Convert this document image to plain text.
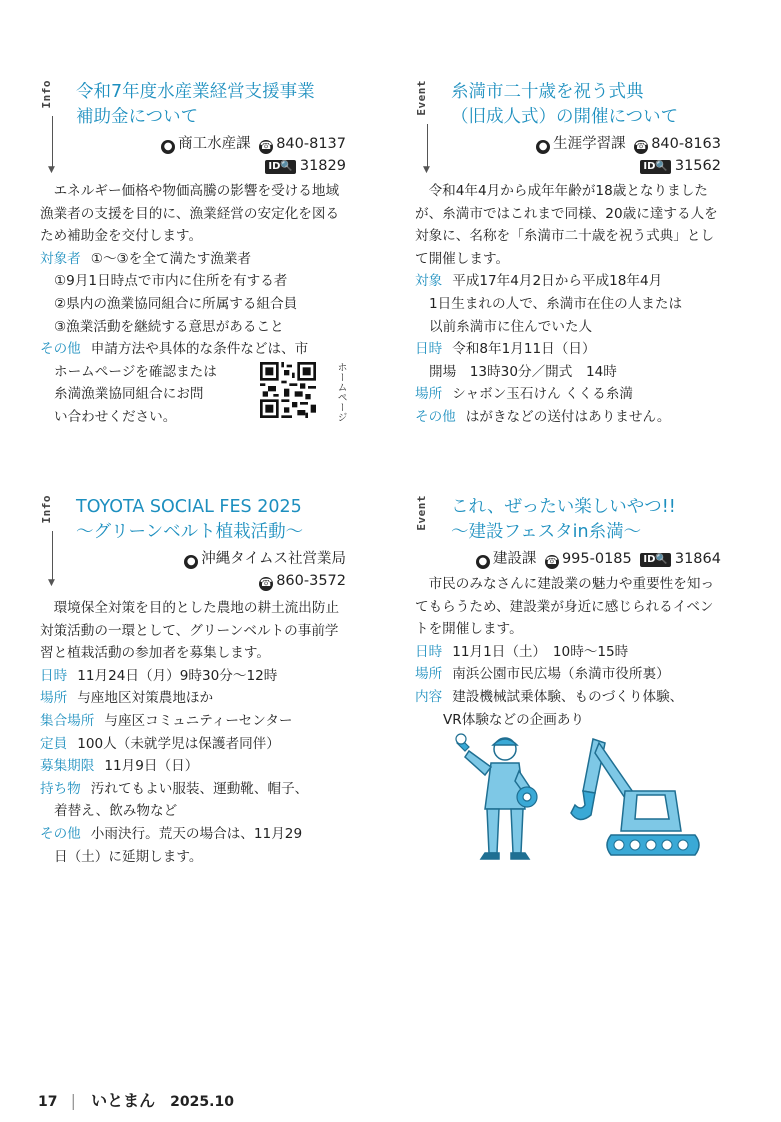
Info
▼
令和7年度水産業経営支援事業
補助金について
● 商工水産課 ☎ 840-8137
ID🔍 31829

エネルギー価格や物価高騰の影響を受ける地域漁業者の支援を目的に、漁業経営の安定化を図るため補助金を交付します。

対象者 ①～③を全て満たす漁業者
①9月1日時点で市内に住所を有する者
②県内の漁業協同組合に所属する組合員
③漁業活動を継続する意思があること
その他 申請方法や具体的な条件などは、市
ホームページを確認または
糸満漁業協同組合にお問
い合わせください。	ホームページ
Event
▼
糸満市二十歳を祝う式典
（旧成人式）の開催について
● 生涯学習課 ☎ 840-8163
ID🔍 31562

令和4年4月から成年年齢が18歳となりましたが、糸満市ではこれまで同様、20歳に達する人を対象に、名称を「糸満市二十歳を祝う式典」として開催します。

対象 平成17年4月2日から平成18年4月
1日生まれの人で、糸満市在住の人または
以前糸満市に住んでいた人
日時 令和8年1月11日（日）
開場　13時30分／開式　14時
場所 シャボン玉石けん くくる糸満
その他 はがきなどの送付はありません。
Info
▼
TOYOTA SOCIAL FES 2025
～グリーンベルト植栽活動～
● 沖縄タイムス社営業局
☎ 860-3572

環境保全対策を目的とした農地の耕土流出防止対策活動の一環として、グリーンベルトの事前学習と植栽活動の参加者を募集します。

日時 11月24日（月）9時30分～12時
場所 与座地区対策農地ほか
集合場所 与座区コミュニティーセンター
定員 100人（未就学児は保護者同伴）
募集期限 11月9日（日）
持ち物 汚れてもよい服装、運動靴、帽子、
着替え、飲み物など
その他 小雨決行。荒天の場合は、11月29
日（土）に延期します。
Event これ、ぜったい楽しいやつ!!
～建設フェスタin糸満～
● 建設課 ☎ 995-0185 ID🔍 31864

市民のみなさんに建設業の魅力や重要性を知ってもらうため、建設業が身近に感じられるイベントを開催します。

日時 11月1日（土）　10時～15時
場所 南浜公園市民広場（糸満市役所裏）
内容 建設機械試乗体験、ものづくり体験、
VR体験などの企画あり
17 | いとまん 2025.10
